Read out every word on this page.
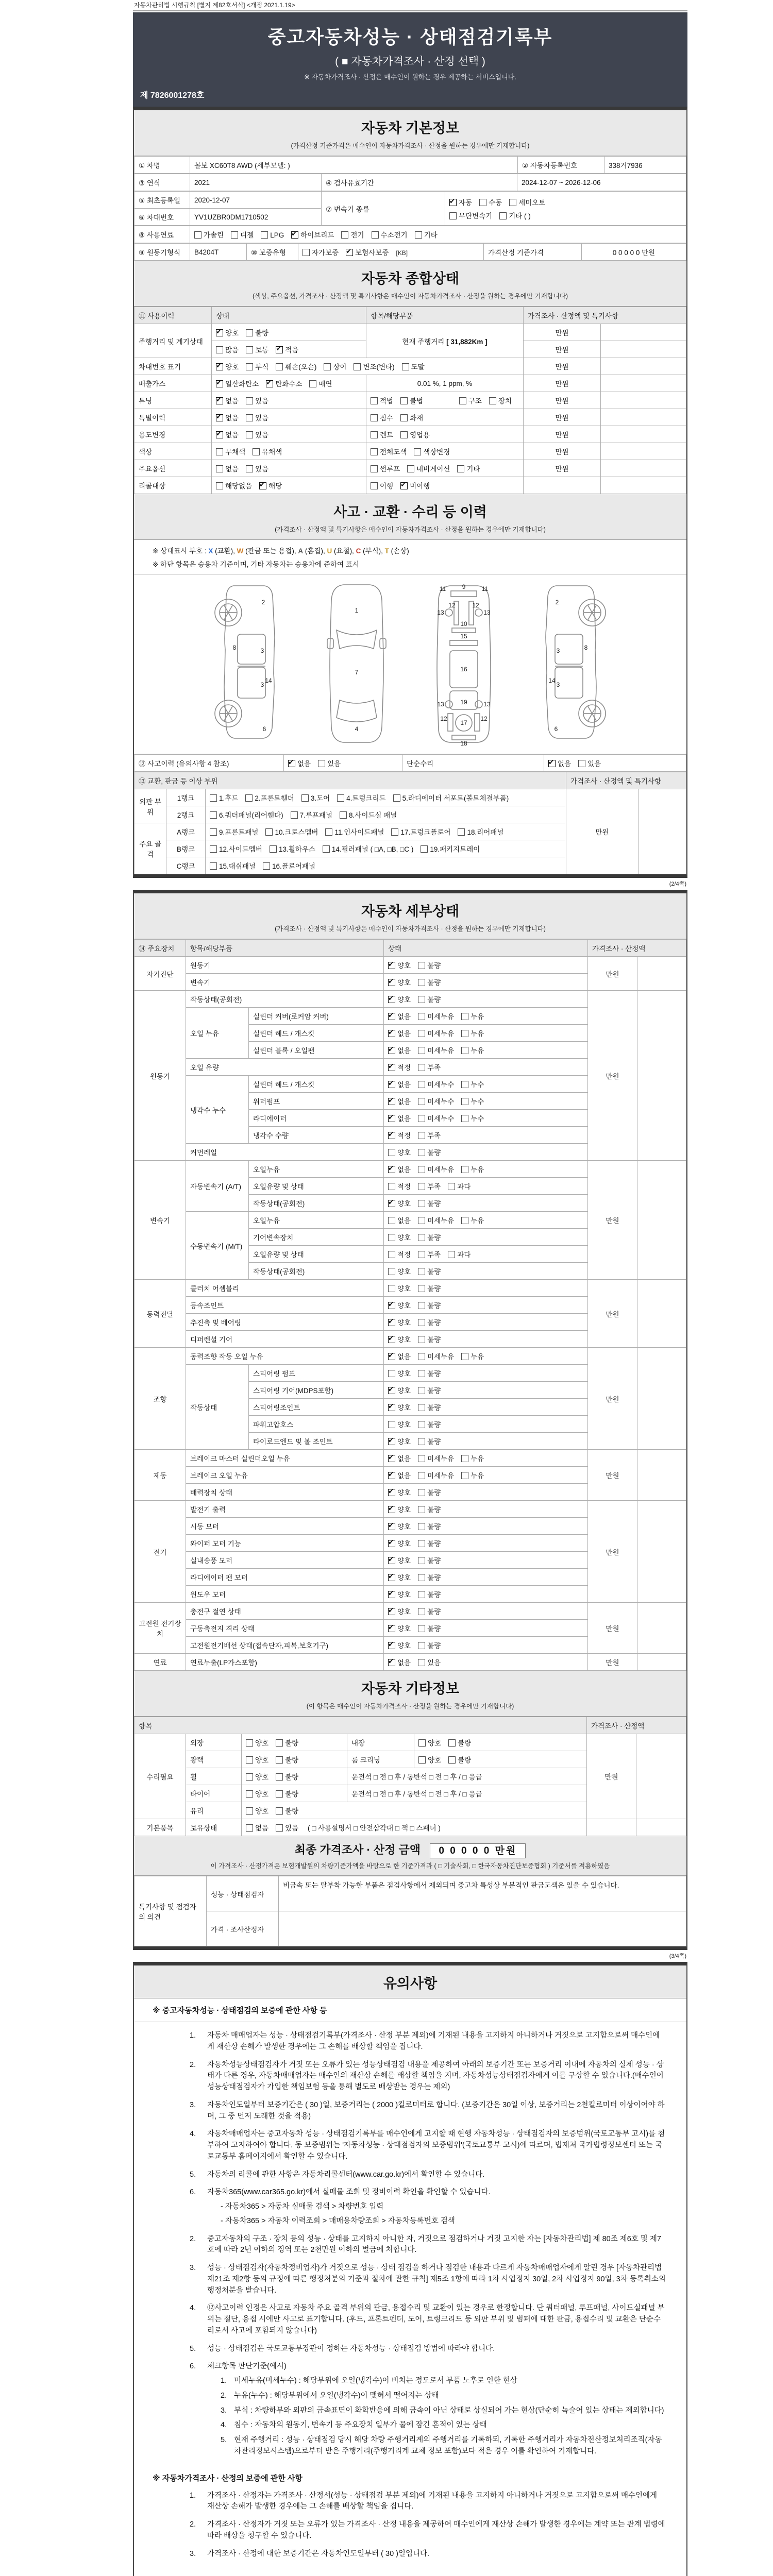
자동차관리법 시행규칙 [별지 제82호서식] <개정 2021.1.19>
중고자동차성능 · 상태점검기록부
( ■ 자동차가격조사 · 산정 선택 )
※ 자동차가격조사 · 산정은 매수인이 원하는 경우 제공하는 서비스입니다.
제 7826001278호
자동차 기본정보
(가격산정 기준가격은 매수인이 자동차가격조사 · 산정을 원하는 경우에만 기재합니다)
① 차명	볼보 XC60T8 AWD (세부모델: )	② 자동차등록번호	338거7936
③ 연식	2021	④ 검사유효기간	2024-12-07 ~ 2026-12-06
⑤ 최초등록일	2020-12-07	⑦ 변속기 종류	
✔자동 수동 세미오토
무단변속기 기타 ( )

⑥ 차대번호	YV1UZBR0DM1710502		
⑧ 사용연료	가솔린 디젤 LPG ✔ 하이브리드 전기 수소전기 기타
⑨ 원동기형식	B4204T	⑩ 보증유형	자가보증 ✔ 보험사보증 [KB]	가격산정 기준가격	0 0 0 0 0 만원
자동차 종합상태
(색상, 주요옵션, 가격조사 · 산정액 및 특기사항은 매수인이 자동차가격조사 · 산정을 원하는 경우에만 기재합니다)
⑪ 사용이력	상태	항목/해당부품	가격조사 · 산정액 및 특기사항	
주행거리 및 계기상태	✔양호 불량	현재 주행거리 [ 31,882Km ]	만원	
	많음 보통 ✔ 적음		만원	
차대번호 표기	✔양호 부식 훼손(오손) 상이 변조(변타) 도말		만원	
배출가스	✔일산화탄소 ✔ 탄화수소 매연	0.01 %, 1 ppm, %	만원	
튜닝	✔없음 있음	적법 불법 구조 장치	만원	
특별이력	✔없음 있음	침수 화재	만원	
용도변경	✔없음 있음	렌트 영업용	만원	
색상	무채색 유채색	전체도색 색상변경	만원	
주요옵션	없음 있음	썬루프 네비게이션 기타	만원	
리콜대상	해당없음 ✔ 해당	이행 ✔ 미이행		
사고 · 교환 · 수리 등 이력
(가격조사 · 산정액 및 특기사항은 매수인이 자동차가격조사 · 산정을 원하는 경우에만 기재합니다)
※ 상태표시 부호 : X (교환), W (판금 또는 용접), A (흠집), U (요철), C (부식), T (손상)
※ 하단 항목은 승용차 기준이며, 기타 자동차는 승용차에 준하여 표시
2
8	3
14
3
6
1
7
4
11	9	11
12	12
13	13
10
15
16
13	19	13
12
17
12
18
2
3	8
14
3
6
⑫ 사고이력 (유의사항 4 참조)	✔없음 있음	단순수리	✔없음 있음
⑬ 교환, 판금 등 이상 부위			가격조사 · 산정액 및 특기사항	
외판 부위	1랭크	1.후드 2.프론트휀더 3.도어 4.트렁크리드 5.라디에이터 서포트(볼트체결부품)	만원	
	2랭크	6.쿼더패널(리어휀다) 7.루프패널 8.사이드실 패널		
주요 골격	A랭크	9.프론트패널 10.크로스멤버 11.인사이드패널 17.트렁크플로어 18.리어패널		
	B랭크	12.사이드멤버 13.휠하우스 14.필러패널 ( □A, □B, □C ) 19.패키지트레이		
	C랭크	15.대쉬패널 16.플로어패널		
(2/4쪽)
자동차 세부상태
(가격조사 · 산정액 및 특기사항은 매수인이 자동차가격조사 · 산정을 원하는 경우에만 기재합니다)
⑭ 주요장치	항목/해당부품		상태	가격조사 · 산정액	
자기진단	원동기	✔양호 불량	만원	
	변속기	✔양호 불량
원동기	작동상태(공회전)	✔양호 불량	만원	
	오일 누유	실린더 커버(로커암 커버)	✔없음 미세누유 누유
		실린더 헤드 / 개스킷	✔없음 미세누유 누유
		실린더 블록 / 오일팬	✔없음 미세누유 누유
	오일 유량	✔적정 부족
	냉각수 누수	실린더 헤드 / 개스킷	✔없음 미세누수 누수
		워터펌프	✔없음 미세누수 누수
		라디에이터	✔없음 미세누수 누수
		냉각수 수량	✔적정 부족
	커먼레일		양호 불량		
변속기	자동변속기 (A/T)	오일누유	✔없음 미세누유 누유	만원	
		오일유량 및 상태	적정 부족 과다		
		작동상태(공회전)	✔양호 불량
	수동변속기 (M/T)	오일누유	없음 미세누유 누유		
		기어변속장치	양호 불량		
		오일유량 및 상태	적정 부족 과다		
		작동상태(공회전)	양호 불량		
동력전달	클러치 어셈블리		양호 불량	만원	
	등속조인트	✔양호 불량
	추진축 및 베어링	✔양호 불량
	디퍼렌셜 기어	✔양호 불량
조향	동력조향 작동 오일 누유	✔없음 미세누유 누유	만원	
	작동상태	스티어링 펌프	양호 불량		
		스티어링 기어(MDPS포함)	✔양호 불량
		스티어링조인트	✔양호 불량
		파워고압호스	양호 불량		
		타이로드엔드 및 볼 조인트	✔양호 불량
제동	브레이크 마스터 실린더오일 누유	✔없음 미세누유 누유	만원	
	브레이크 오일 누유	✔없음 미세누유 누유
	배력장치 상태	✔양호 불량
전기	발전기 출력	✔양호 불량	만원	
	시동 모터	✔양호 불량
	와이퍼 모터 기능	✔양호 불량
	실내송풍 모터	✔양호 불량
	라디에이터 팬 모터	✔양호 불량
	윈도우 모터	✔양호 불량
고전원 전기장치	충전구 절연 상태	✔양호 불량	만원	
	구동축전지 격리 상태	✔양호 불량
	고전원전기배선 상태(접속단자,피복,보호기구)	✔양호 불량
연료	연료누출(LP가스포함)	✔없음 있음	만원	
자동차 기타정보
(이 항목은 매수인이 자동차가격조사 · 산정을 원하는 경우에만 기재합니다)
항목					가격조사 · 산정액	
수리필요	외장	양호 불량	내장	양호 불량	만원	
	광택	양호 불량	룸 크리닝	양호 불량		
	휠	양호 불량	운전석 □ 전 □ 후 / 동반석 □ 전 □ 후 / □ 응급			
	타이어	양호 불량	운전석 □ 전 □ 후 / 동반석 □ 전 □ 후 / □ 응급			
	유리	양호 불량				
기본품목	보유상태	없음 있음 ( □ 사용설명서 □ 안전삼각대 □ 잭 □ 스패너 )				
최종 가격조사 · 산정 금액 0 0 0 0 0 만원
이 가격조사 · 산정가격은 보험개발원의 차량기준가액을 바탕으로 한 기준가격과 ( □ 기술사회, □ 한국자동차진단보증협회 ) 기준서를 적용하였음
특기사항 및 점검자의 의견	성능 · 상태점검자	비금속 또는 탈부착 가능한 부품은 점검사항에서 제외되며 중고차 특성상 부분적인 판금도색은 있을 수 있습니다.
	가격 · 조사산정자	
(3/4쪽)
유의사항
※ 중고자동차성능 · 상태점검의 보증에 관한 사항 등
1.	자동차 매매업자는 성능 · 상태점검기록부(가격조사 · 산정 부분 제외)에 기재된 내용을 고지하지 아니하거나 거짓으로 고지함으로써 매수인에게 재산상 손해가 발생한 경우에는 그 손해를 배상할 책임을 집니다.
2.	자동차성능상태점검자가 거짓 또는 오류가 있는 성능상태점검 내용을 제공하여 아래의 보증기간 또는 보증거리 이내에 자동차의 실제 성능 · 상태가 다른 경우, 자동차매매업자는 매수인의 재산상 손해를 배상할 책임을 지며, 자동차성능상태점검자에게 이를 구상할 수 있습니다.(매수인이 성능상태점검자가 가입한 책임보험 등을 통해 별도로 배상받는 경우는 제외)
3.	자동차인도일부터 보증기간은 ( 30 )일, 보증거리는 ( 2000 )킬로미터로 합니다. (보증기간은 30일 이상, 보증거리는 2천킬로미터 이상이어야 하며, 그 중 먼저 도래한 것을 적용)
4.	자동차매매업자는 중고자동차 성능 · 상태점검기록부를 매수인에게 고지할 때 현행 자동차성능 · 상태점검자의 보증범위(국토교통부 고시)를 첨부하여 고지하여야 합니다. 동 보증범위는 '자동차성능 · 상태점검자의 보증범위'(국토교통부 고시)에 따르며, 법제처 국가법령정보센터 또는 국토교통부 홈페이지에서 확인할 수 있습니다.
5.	자동차의 리콜에 관한 사항은 자동차리콜센터(www.car.go.kr)에서 확인할 수 있습니다.
6.	자동차365(www.car365.go.kr)에서 실매물 조회 및 정비이력 확인을 확인할 수 있습니다.
- 자동차365 > 자동차 실매물 검색 > 차량번호 입력
- 자동차365 > 자동차 이력조회 > 매매용차량조회 > 자동차등록번호 검색
2.	중고자동차의 구조 · 장치 등의 성능 · 상태를 고지하지 아니한 자, 거짓으로 점검하거나 거짓 고지한 자는 [자동차관리법] 제 80조 제6호 및 제7호에 따라 2년 이하의 징역 또는 2천만원 이하의 벌금에 처합니다.
3.	성능 · 상태점검자(자동차정비업자)가 거짓으로 성능 · 상태 점검을 하거나 점검한 내용과 다르게 자동차매매업자에게 알린 경우 [자동차관리법 제21조 제2항 등의 규정에 따른 행정처분의 기준과 절차에 관한 규칙] 제5조 1항에 따라 1차 사업정지 30일, 2차 사업정지 90일, 3차 등록취소의 행정처분을 받습니다.
4.	⑫사고이력 인정은 사고로 자동차 주요 골격 부위의 판금, 용접수리 및 교환이 있는 경우로 한정합니다. 단 쿼터패널, 루프패널, 사이드실패널 부위는 절단, 용접 시에만 사고로 표기합니다. (후드, 프론트펜더, 도어, 트렁크리드 등 외판 부위 및 범퍼에 대한 판금, 용접수리 및 교환은 단순수리로서 사고에 포함되지 않습니다)
5.	성능 · 상태점검은 국토교통부장관이 정하는 자동차성능 · 상태점검 방법에 따라야 합니다.
6.	체크항목 판단기준(예시)
1. 미세누유(미세누수) : 해당부위에 오일(냉각수)이 비치는 정도로서 부품 노후로 인한 현상
2. 누유(누수) : 해당부위에서 오일(냉각수)이 맺혀서 떨어지는 상태
3. 부식 : 차량하부와 외판의 금속표면이 화학반응에 의해 금속이 아닌 상태로 상실되어 가는 현상(단순히 녹슬어 있는 상태는 제외합니다)
4. 침수 : 자동차의 원동기, 변속기 등 주요장치 일부가 물에 잠긴 흔적이 있는 상태
5. 현재 주행거리 : 성능 · 상태점검 당시 해당 차량 주행거리계의 주행거리를 기록하되, 기록한 주행거리가 자동차전산정보처리조직(자동차관리정보시스템)으로부터 받은 주행거리(주행거리계 교체 정보 포함)보다 적은 경우 이를 확인하여 기재합니다.
※ 자동차가격조사 · 산정의 보증에 관한 사항
1.	가격조사 · 산정자는 가격조사 · 산정서(성능 · 상태점검 부분 제외)에 기재된 내용을 고지하지 아니하거나 거짓으로 고지함으로써 매수인에게 재산상 손해가 발생한 경우에는 그 손해를 배상할 책임을 집니다.
2.	가격조사 · 산정자가 거짓 또는 오류가 있는 가격조사 · 산정 내용을 제공하여 매수인에게 재산상 손해가 발생한 경우에는 계약 또는 관계 법령에 따라 배상을 청구할 수 있습니다.
3.	가격조사 · 산정에 대한 보증기간은 자동차인도일부터 ( 30 )일입니다.
